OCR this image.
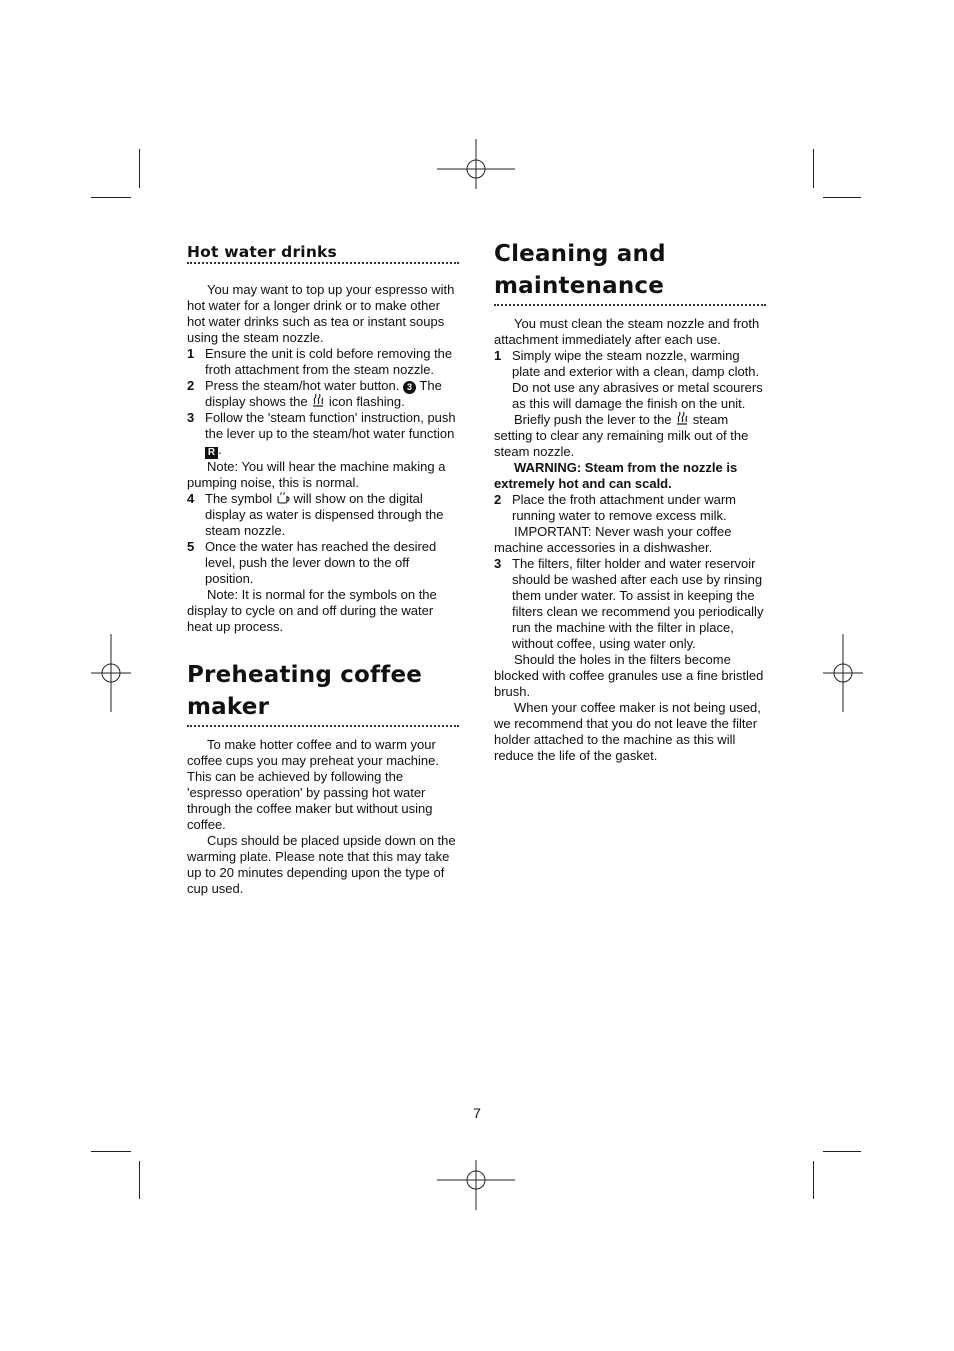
Hot water drinks

You may want to top up your espresso with hot water for a longer drink or to make other hot water drinks such as tea or instant soups using the steam nozzle.

1 Ensure the unit is cold before removing the froth attachment from the steam nozzle.
2 Press the steam/hot water button. 3 The display shows the icon flashing.
3 Follow the 'steam function' instruction, push the lever up to the steam/hot water function R .

Note: You will hear the machine making a pumping noise, this is normal.

4 The symbol will show on the digital display as water is dispensed through the steam nozzle.
5 Once the water has reached the desired level, push the lever down to the off position.

Note: It is normal for the symbols on the display to cycle on and off during the water heat up process.

Preheating coffee maker

To make hotter coffee and to warm your coffee cups you may preheat your machine. This can be achieved by following the 'espresso operation' by passing hot water through the coffee maker but without using coffee.

Cups should be placed upside down on the warming plate. Please note that this may take up to 20 minutes depending upon the type of cup used.

Cleaning and maintenance

You must clean the steam nozzle and froth attachment immediately after each use.

1 Simply wipe the steam nozzle, warming plate and exterior with a clean, damp cloth. Do not use any abrasives or metal scourers as this will damage the finish on the unit.

Briefly push the lever to the steam setting to clear any remaining milk out of the steam nozzle.

WARNING: Steam from the nozzle is extremely hot and can scald.

2 Place the froth attachment under warm running water to remove excess milk.

IMPORTANT: Never wash your coffee machine accessories in a dishwasher.

3 The filters, filter holder and water reservoir should be washed after each use by rinsing them under water. To assist in keeping the filters clean we recommend you periodically run the machine with the filter in place, without coffee, using water only.

Should the holes in the filters become blocked with coffee granules use a fine bristled brush.

When your coffee maker is not being used, we recommend that you do not leave the filter holder attached to the machine as this will reduce the life of the gasket.

7
